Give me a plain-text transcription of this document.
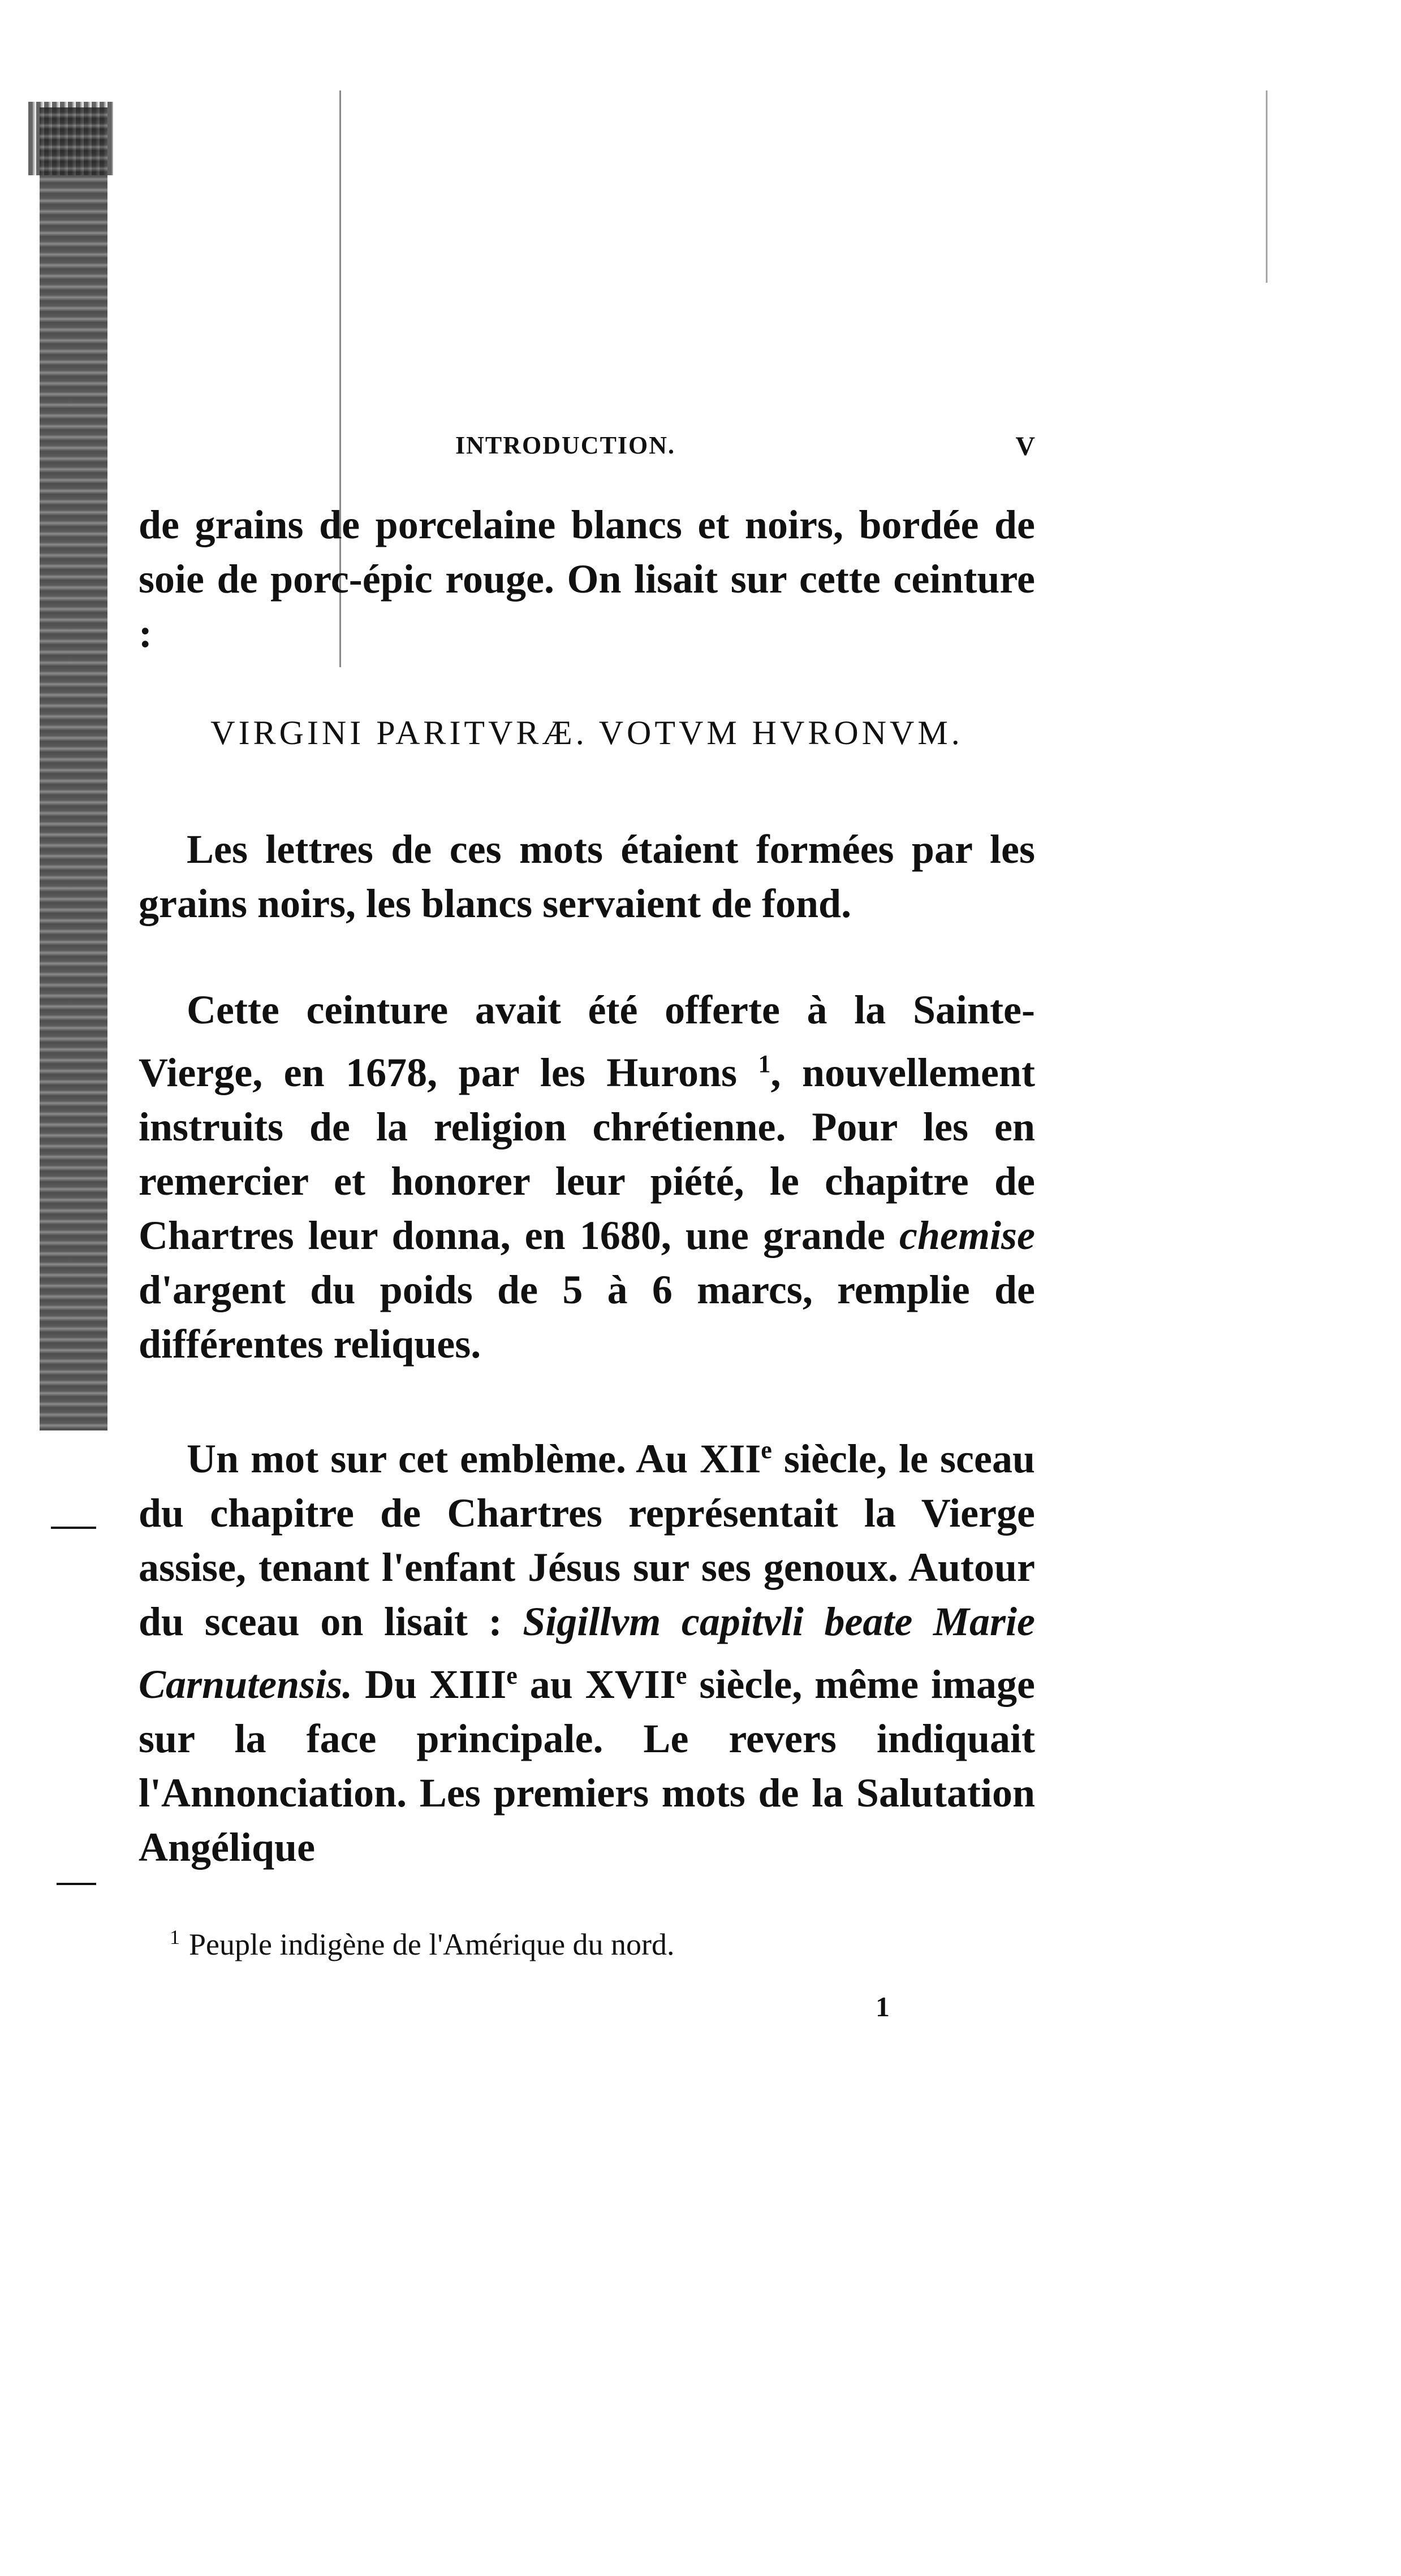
INTRODUCTION.	V

de grains de porcelaine blancs et noirs, bordée de soie de porc-épic rouge. On lisait sur cette ceinture :

VIRGINI PARITVRÆ. VOTVM HVRONVM.

Les lettres de ces mots étaient formées par les grains noirs, les blancs servaient de fond.

Cette ceinture avait été offerte à la Sainte-Vierge, en 1678, par les Hurons $^1$, nouvellement instruits de la religion chrétienne. Pour les en remercier et honorer leur piété, le chapitre de Chartres leur donna, en 1680, une grande chemise d'argent du poids de 5 à 6 marcs, remplie de différentes reliques.

Un mot sur cet emblème. Au XIIe siècle, le sceau du chapitre de Chartres représentait la Vierge assise, tenant l'enfant Jésus sur ses genoux. Autour du sceau on lisait : Sigillvm capitvli beate Marie Carnutensis. Du XIIIe au XVIIe siècle, même image sur la face principale. Le revers indiquait l'Annonciation. Les premiers mots de la Salutation Angélique

$^1$ Peuple indigène de l'Amérique du nord.
1
